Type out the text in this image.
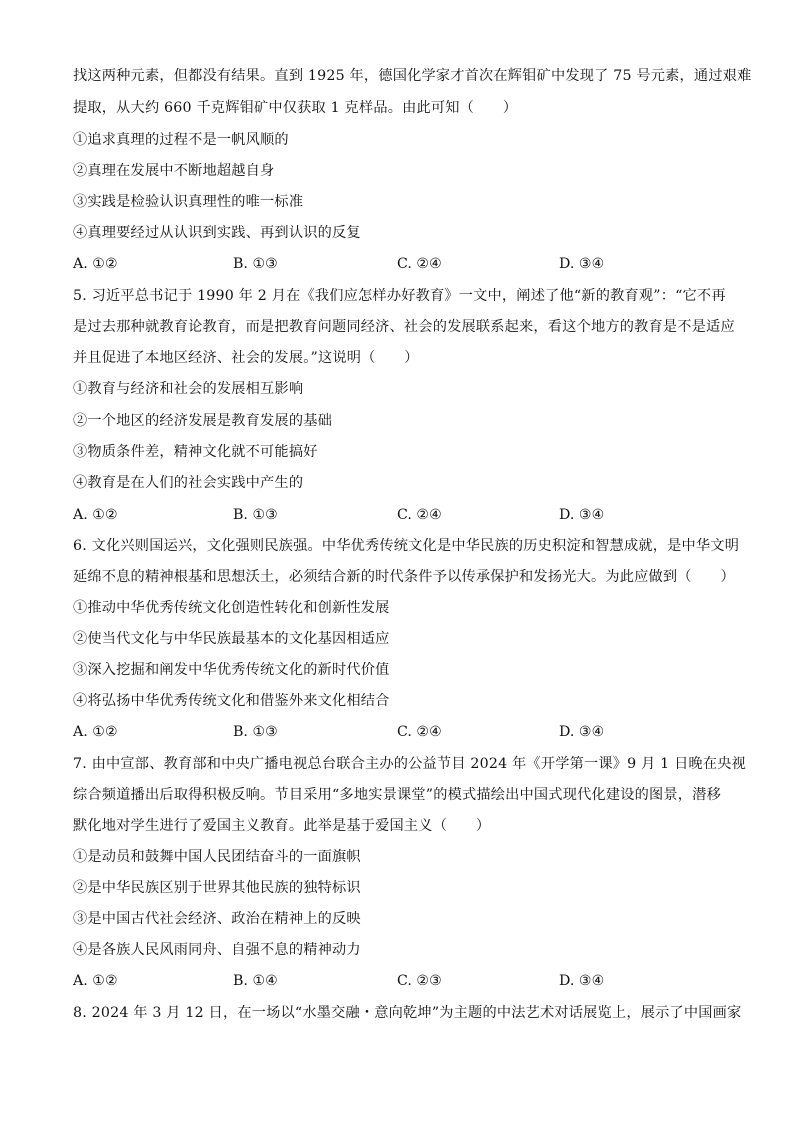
找这两种元素，但都没有结果。直到 1925 年，德国化学家才首次在辉钼矿中发现了 75 号元素，通过艰难
提取，从大约 660 千克辉钼矿中仅获取 1 克样品。由此可知（　　）
①追求真理的过程不是一帆风顺的
②真理在发展中不断地超越自身
③实践是检验认识真理性的唯一标准
④真理要经过从认识到实践、再到认识的反复
A. ①②	B. ①③	C. ②④	D. ③④
5. 习近平总书记于 1990 年 2 月在《我们应怎样办好教育》一文中，阐述了他“新的教育观”：“它不再
是过去那种就教育论教育，而是把教育问题同经济、社会的发展联系起来，看这个地方的教育是不是适应
并且促进了本地区经济、社会的发展。”这说明（　　）
①教育与经济和社会的发展相互影响
②一个地区的经济发展是教育发展的基础
③物质条件差，精神文化就不可能搞好
④教育是在人们的社会实践中产生的
A. ①②	B. ①③	C. ②④	D. ③④
6. 文化兴则国运兴，文化强则民族强。中华优秀传统文化是中华民族的历史积淀和智慧成就，是中华文明
延绵不息的精神根基和思想沃土，必须结合新的时代条件予以传承保护和发扬光大。为此应做到（　　）
①推动中华优秀传统文化创造性转化和创新性发展
②使当代文化与中华民族最基本的文化基因相适应
③深入挖掘和阐发中华优秀传统文化的新时代价值
④将弘扬中华优秀传统文化和借鉴外来文化相结合
A. ①②	B. ①③	C. ②④	D. ③④
7. 由中宣部、教育部和中央广播电视总台联合主办的公益节目 2024 年《开学第一课》9 月 1 日晚在央视
综合频道播出后取得积极反响。节目采用“多地实景课堂”的模式描绘出中国式现代化建设的图景，潜移
默化地对学生进行了爱国主义教育。此举是基于爱国主义（　　）
①是动员和鼓舞中国人民团结奋斗的一面旗帜
②是中华民族区别于世界其他民族的独特标识
③是中国古代社会经济、政治在精神上的反映
④是各族人民风雨同舟、自强不息的精神动力
A. ①②	B. ①④	C. ②③	D. ③④
8. 2024 年 3 月 12 日，在一场以“水墨交融・意向乾坤”为主题的中法艺术对话展览上，展示了中国画家
